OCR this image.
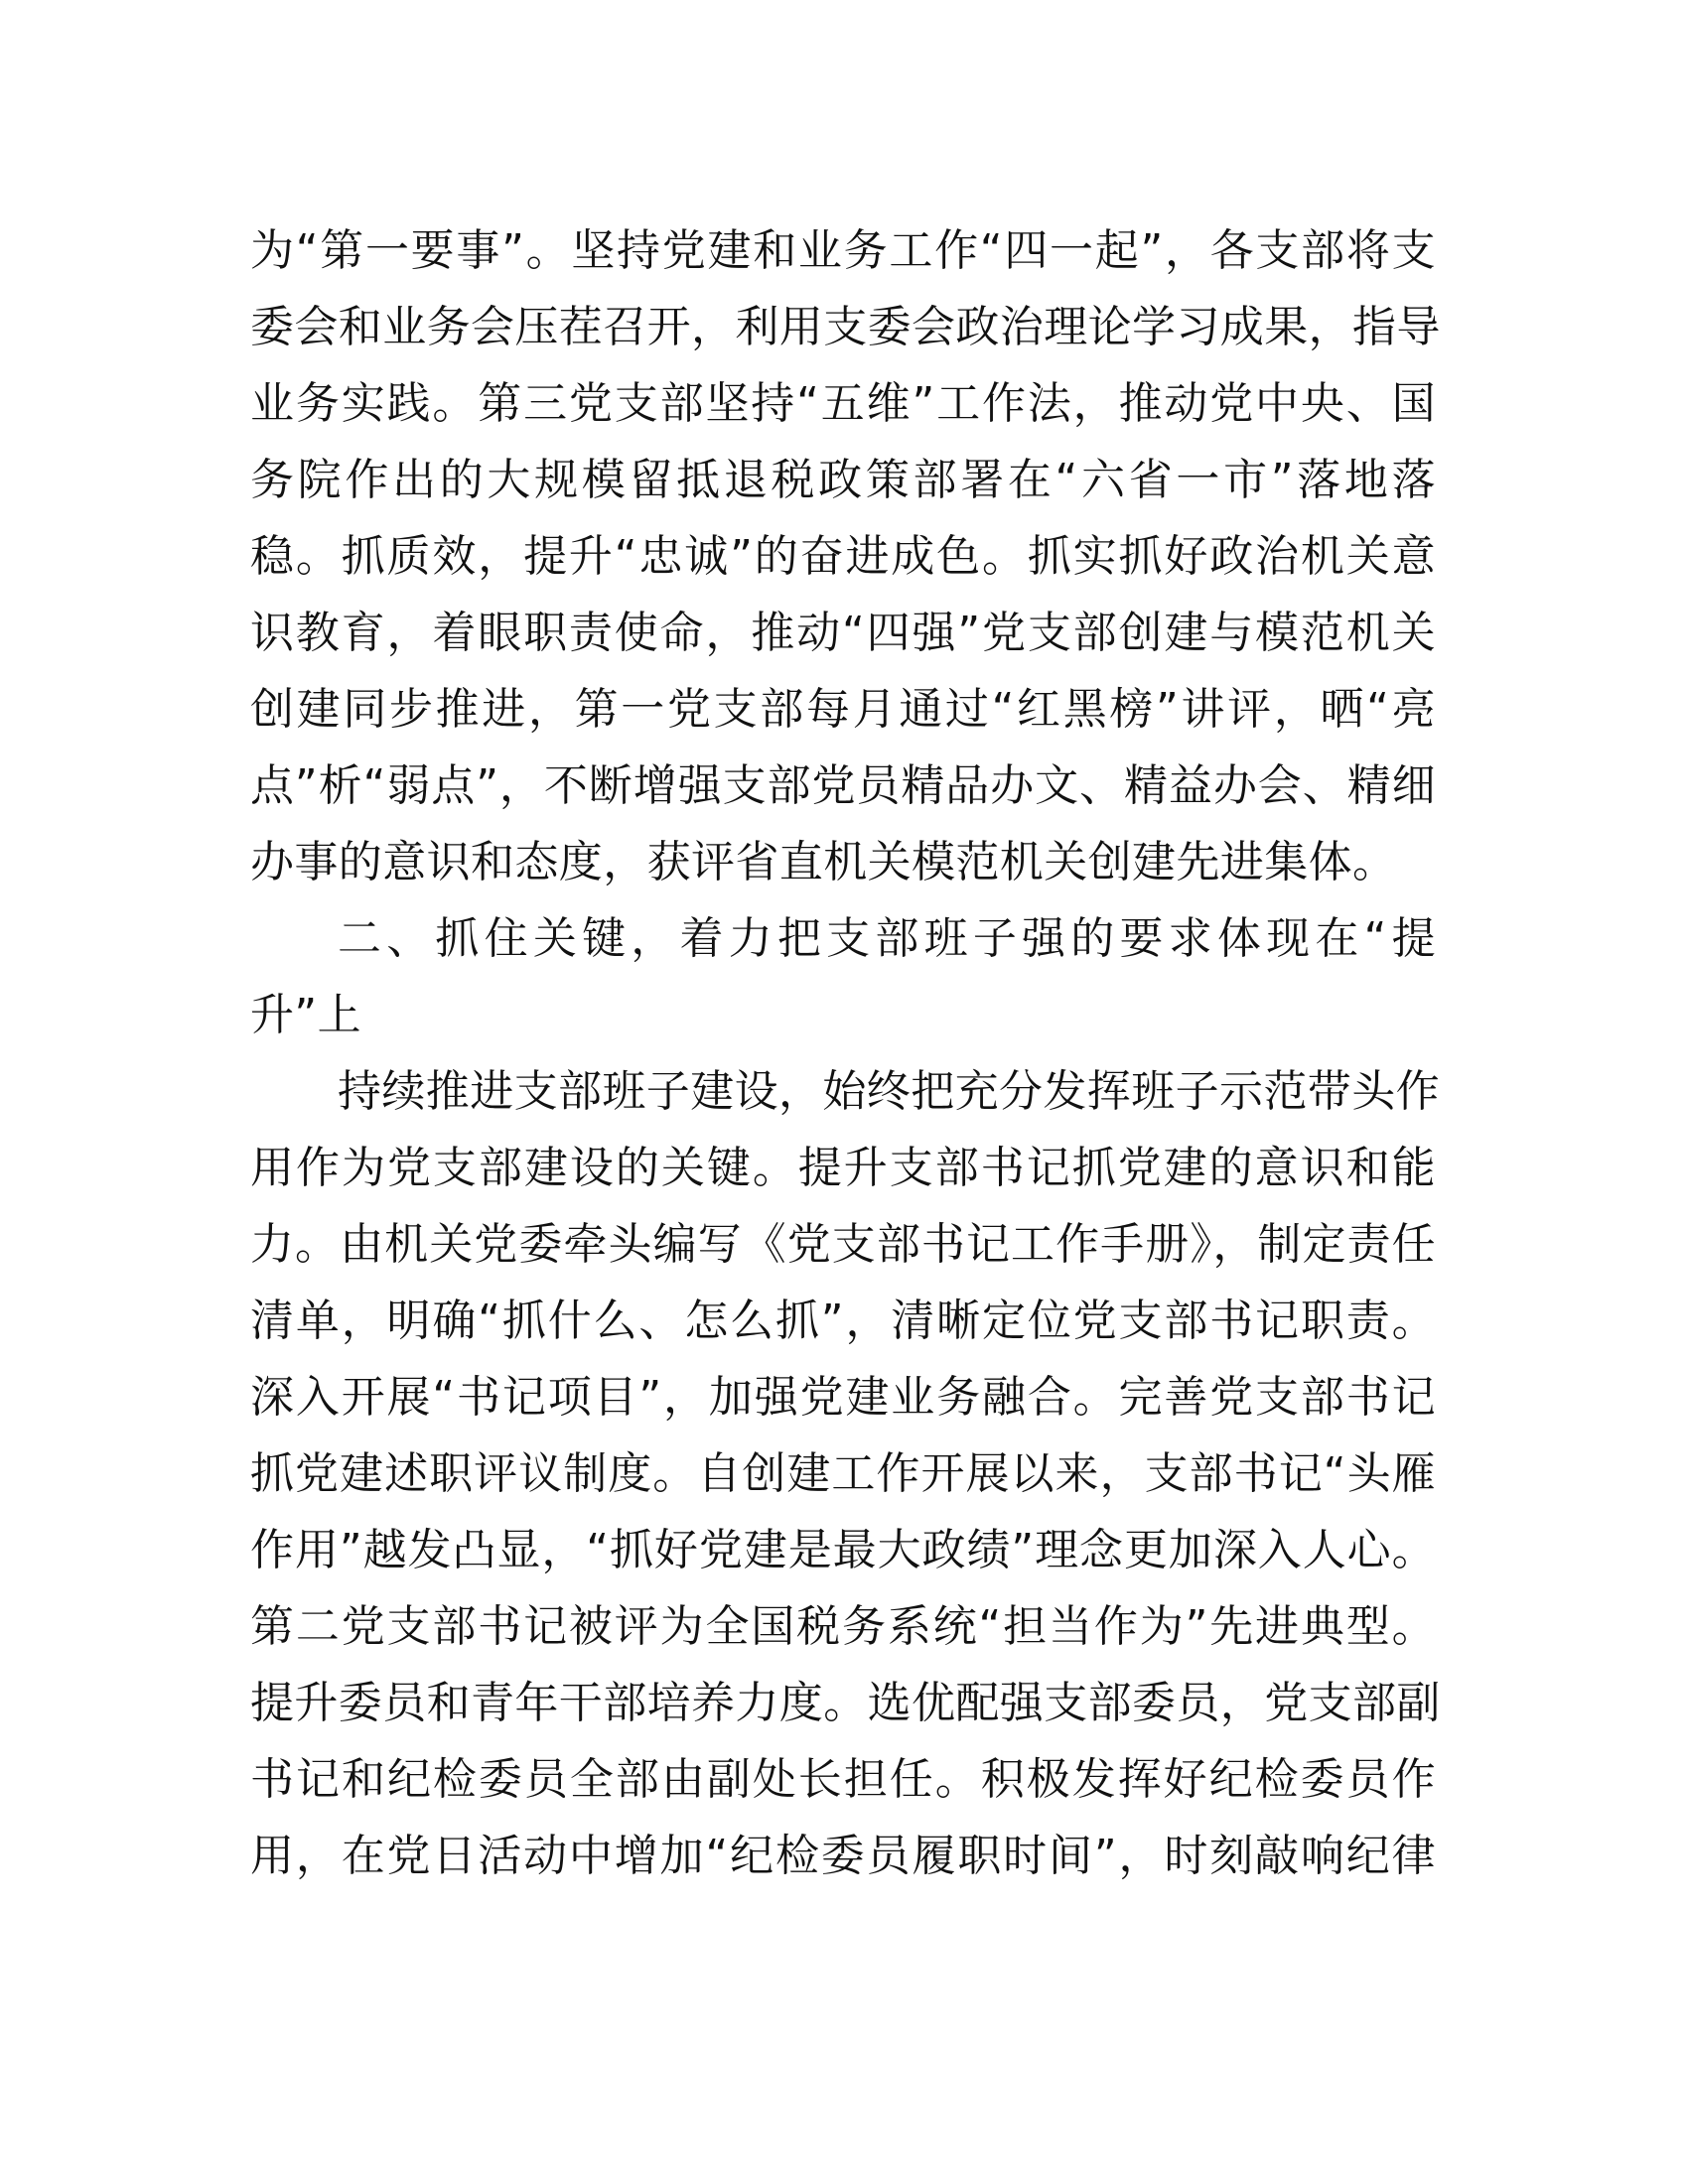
为“第一要事”。坚持党建和业务工作“四一起”，各支部将支
委会和业务会压茬召开，利用支委会政治理论学习成果，指导
业务实践。第三党支部坚持“五维”工作法，推动党中央、国
务院作出的大规模留抵退税政策部署在“六省一市”落地落
稳。抓质效，提升“忠诚”的奋进成色。抓实抓好政治机关意
识教育，着眼职责使命，推动“四强”党支部创建与模范机关
创建同步推进，第一党支部每月通过“红黑榜”讲评，晒“亮
点”析“弱点”，不断增强支部党员精品办文、精益办会、精细
办事的意识和态度，获评省直机关模范机关创建先进集体。
二、抓住关键，着力把支部班子强的要求体现在“提
升”上
持续推进支部班子建设，始终把充分发挥班子示范带头作
用作为党支部建设的关键。提升支部书记抓党建的意识和能
力。由机关党委牵头编写《党支部书记工作手册》，制定责任
清单，明确“抓什么、怎么抓”，清晰定位党支部书记职责。
深入开展“书记项目”，加强党建业务融合。完善党支部书记
抓党建述职评议制度。自创建工作开展以来，支部书记“头雁
作用”越发凸显，“抓好党建是最大政绩”理念更加深入人心。
第二党支部书记被评为全国税务系统“担当作为”先进典型。
提升委员和青年干部培养力度。选优配强支部委员，党支部副
书记和纪检委员全部由副处长担任。积极发挥好纪检委员作
用，在党日活动中增加“纪检委员履职时间”，时刻敲响纪律
